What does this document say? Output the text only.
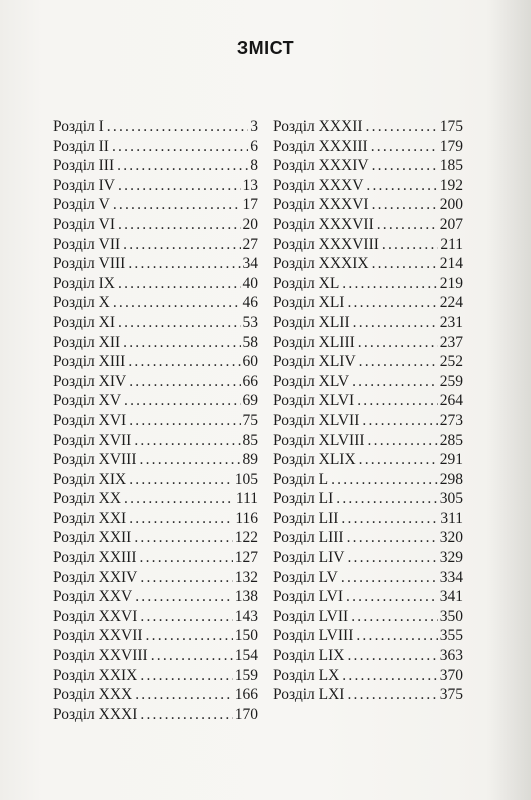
ЗМІСТ
Розділ I .....	3
Розділ II .....	6
Розділ III .....	8
Розділ IV .....	13
Розділ V .....	17
Розділ VI .....	20
Розділ VII .....	27
Розділ VIII .....	34
Розділ IX .....	40
Розділ X .....	46
Розділ XI .....	53
Розділ XII .....	58
Розділ XIII .....	60
Розділ XIV .....	66
Розділ XV .....	69
Розділ XVI .....	75
Розділ XVII .....	85
Розділ XVIII .....	89
Розділ XIX .....	105
Розділ XX .....	111
Розділ XXI .....	116
Розділ XXII .....	122
Розділ XXIII .....	127
Розділ XXIV .....	132
Розділ XXV .....	138
Розділ XXVI .....	143
Розділ XXVII .....	150
Розділ XXVIII .....	154
Розділ XXIX .....	159
Розділ XXX .....	166
Розділ XXXI .....	170
Розділ XXXII .....	175
Розділ XXXIII .....	179
Розділ XXXIV .....	185
Розділ XXXV .....	192
Розділ XXXVI .....	200
Розділ XXXVII .....	207
Розділ XXXVIII .....	211
Розділ XXXIX .....	214
Розділ XL .....	219
Розділ XLI .....	224
Розділ XLII .....	231
Розділ XLIII .....	237
Розділ XLIV .....	252
Розділ XLV .....	259
Розділ XLVI .....	264
Розділ XLVII .....	273
Розділ XLVIII .....	285
Розділ XLIX .....	291
Розділ L .....	298
Розділ LI .....	305
Розділ LII .....	311
Розділ LIII .....	320
Розділ LIV .....	329
Розділ LV .....	334
Розділ LVI .....	341
Розділ LVII .....	350
Розділ LVIII .....	355
Розділ LIX .....	363
Розділ LX .....	370
Розділ LXI .....	375
